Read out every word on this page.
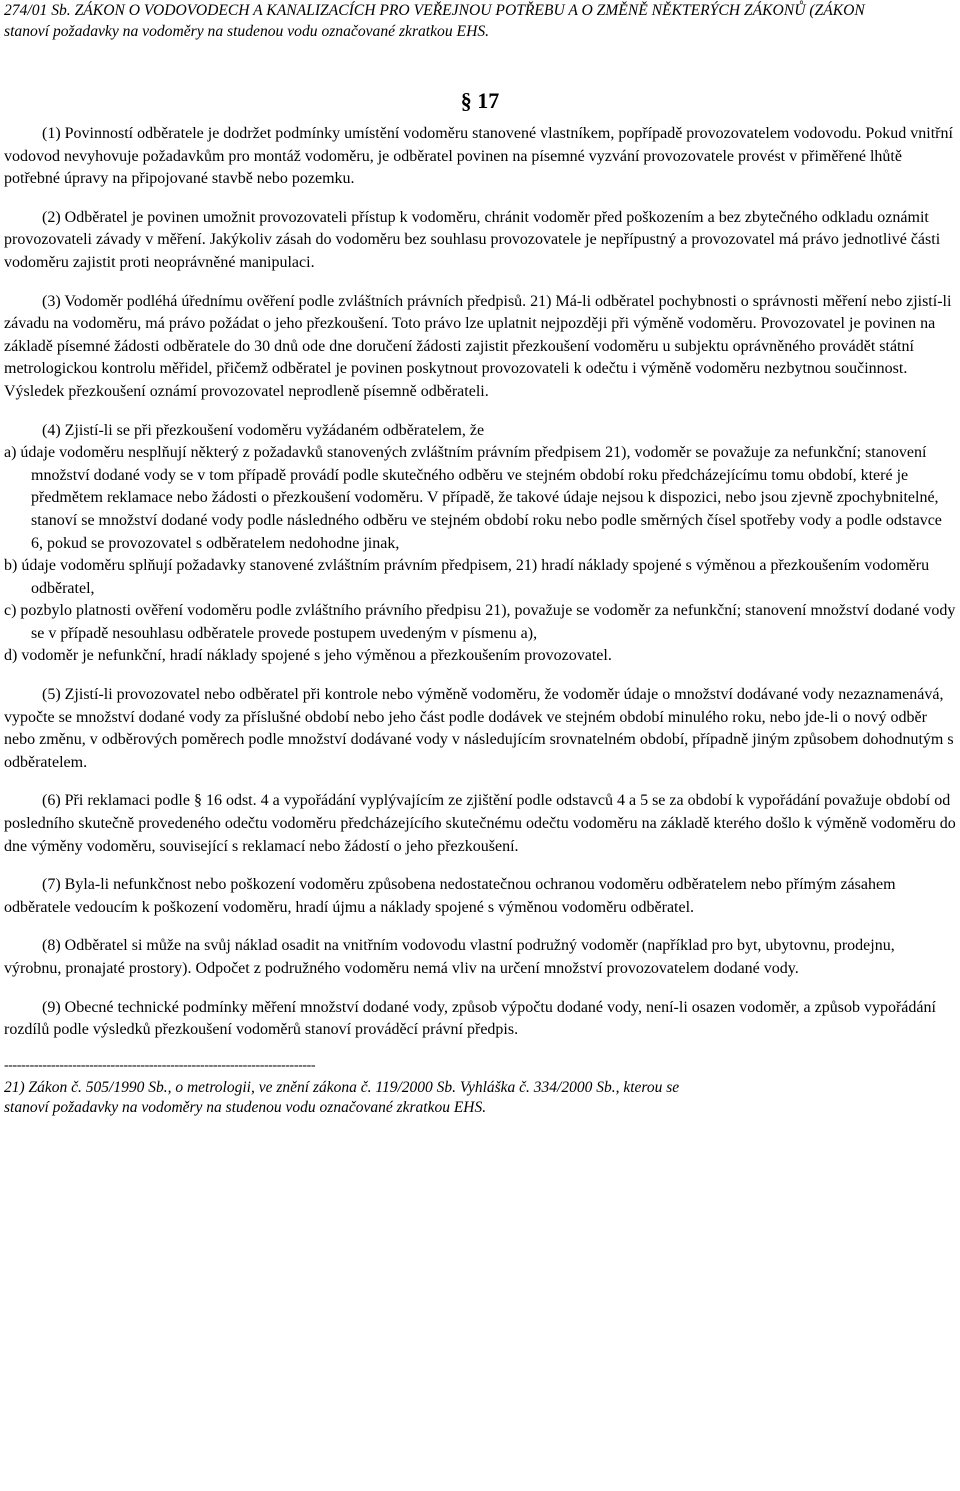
274/01 Sb. ZÁKON O VODOVODECH A KANALIZACÍCH PRO VEŘEJNOU POTŘEBU A O ZMĚNĚ NĚKTERÝCH ZÁKONŮ (ZÁKON
stanoví požadavky na vodoměry na studenou vodu označované zkratkou EHS.
§ 17

(1) Povinností odběratele je dodržet podmínky umístění vodoměru stanovené vlastníkem, popřípadě provozovatelem vodovodu. Pokud vnitřní vodovod nevyhovuje požadavkům pro montáž vodoměru, je odběratel povinen na písemné vyzvání provozovatele provést v přiměřené lhůtě potřebné úpravy na připojované stavbě nebo pozemku.

(2) Odběratel je povinen umožnit provozovateli přístup k vodoměru, chránit vodoměr před poškozením a bez zbytečného odkladu oznámit provozovateli závady v měření. Jakýkoliv zásah do vodoměru bez souhlasu provozovatele je nepřípustný a provozovatel má právo jednotlivé části vodoměru zajistit proti neoprávněné manipulaci.

(3) Vodoměr podléhá úřednímu ověření podle zvláštních právních předpisů. 21) Má-li odběratel pochybnosti o správnosti měření nebo zjistí-li závadu na vodoměru, má právo požádat o jeho přezkoušení. Toto právo lze uplatnit nejpozději při výměně vodoměru. Provozovatel je povinen na základě písemné žádosti odběratele do 30 dnů ode dne doručení žádosti zajistit přezkoušení vodoměru u subjektu oprávněného provádět státní metrologickou kontrolu měřidel, přičemž odběratel je povinen poskytnout provozovateli k odečtu i výměně vodoměru nezbytnou součinnost. Výsledek přezkoušení oznámí provozovatel neprodleně písemně odběrateli.

(4) Zjistí-li se při přezkoušení vodoměru vyžádaném odběratelem, že
a) údaje vodoměru nesplňují některý z požadavků stanovených zvláštním právním předpisem 21), vodoměr se považuje za nefunkční; stanovení množství dodané vody se v tom případě provádí podle skutečného odběru ve stejném období roku předcházejícímu tomu období, které je předmětem reklamace nebo žádosti o přezkoušení vodoměru. V případě, že takové údaje nejsou k dispozici, nebo jsou zjevně zpochybnitelné, stanoví se množství dodané vody podle následného odběru ve stejném období roku nebo podle směrných čísel spotřeby vody a podle odstavce 6, pokud se provozovatel s odběratelem nedohodne jinak,
b) údaje vodoměru splňují požadavky stanovené zvláštním právním předpisem, 21) hradí náklady spojené s výměnou a přezkoušením vodoměru odběratel,
c) pozbylo platnosti ověření vodoměru podle zvláštního právního předpisu 21), považuje se vodoměr za nefunkční; stanovení množství dodané vody se v případě nesouhlasu odběratele provede postupem uvedeným v písmenu a),
d) vodoměr je nefunkční, hradí náklady spojené s jeho výměnou a přezkoušením provozovatel.

(5) Zjistí-li provozovatel nebo odběratel při kontrole nebo výměně vodoměru, že vodoměr údaje o množství dodávané vody nezaznamenává, vypočte se množství dodané vody za příslušné období nebo jeho část podle dodávek ve stejném období minulého roku, nebo jde-li o nový odběr nebo změnu, v odběrových poměrech podle množství dodávané vody v následujícím srovnatelném období, případně jiným způsobem dohodnutým s odběratelem.

(6) Při reklamaci podle § 16 odst. 4 a vypořádání vyplývajícím ze zjištění podle odstavců 4 a 5 se za období k vypořádání považuje období od posledního skutečně provedeného odečtu vodoměru předcházejícího skutečnému odečtu vodoměru na základě kterého došlo k výměně vodoměru do dne výměny vodoměru, související s reklamací nebo žádostí o jeho přezkoušení.

(7) Byla-li nefunkčnost nebo poškození vodoměru způsobena nedostatečnou ochranou vodoměru odběratelem nebo přímým zásahem odběratele vedoucím k poškození vodoměru, hradí újmu a náklady spojené s výměnou vodoměru odběratel.

(8) Odběratel si může na svůj náklad osadit na vnitřním vodovodu vlastní podružný vodoměr (například pro byt, ubytovnu, prodejnu, výrobnu, pronajaté prostory). Odpočet z podružného vodoměru nemá vliv na určení množství provozovatelem dodané vody.

(9) Obecné technické podmínky měření množství dodané vody, způsob výpočtu dodané vody, není-li osazen vodoměr, a způsob vypořádání rozdílů podle výsledků přezkoušení vodoměrů stanoví prováděcí právní předpis.

-------------------------------------------------------------------------
21) Zákon č. 505/1990 Sb., o metrologii, ve znění zákona č. 119/2000 Sb. Vyhláška č. 334/2000 Sb., kterou se
stanoví požadavky na vodoměry na studenou vodu označované zkratkou EHS.
